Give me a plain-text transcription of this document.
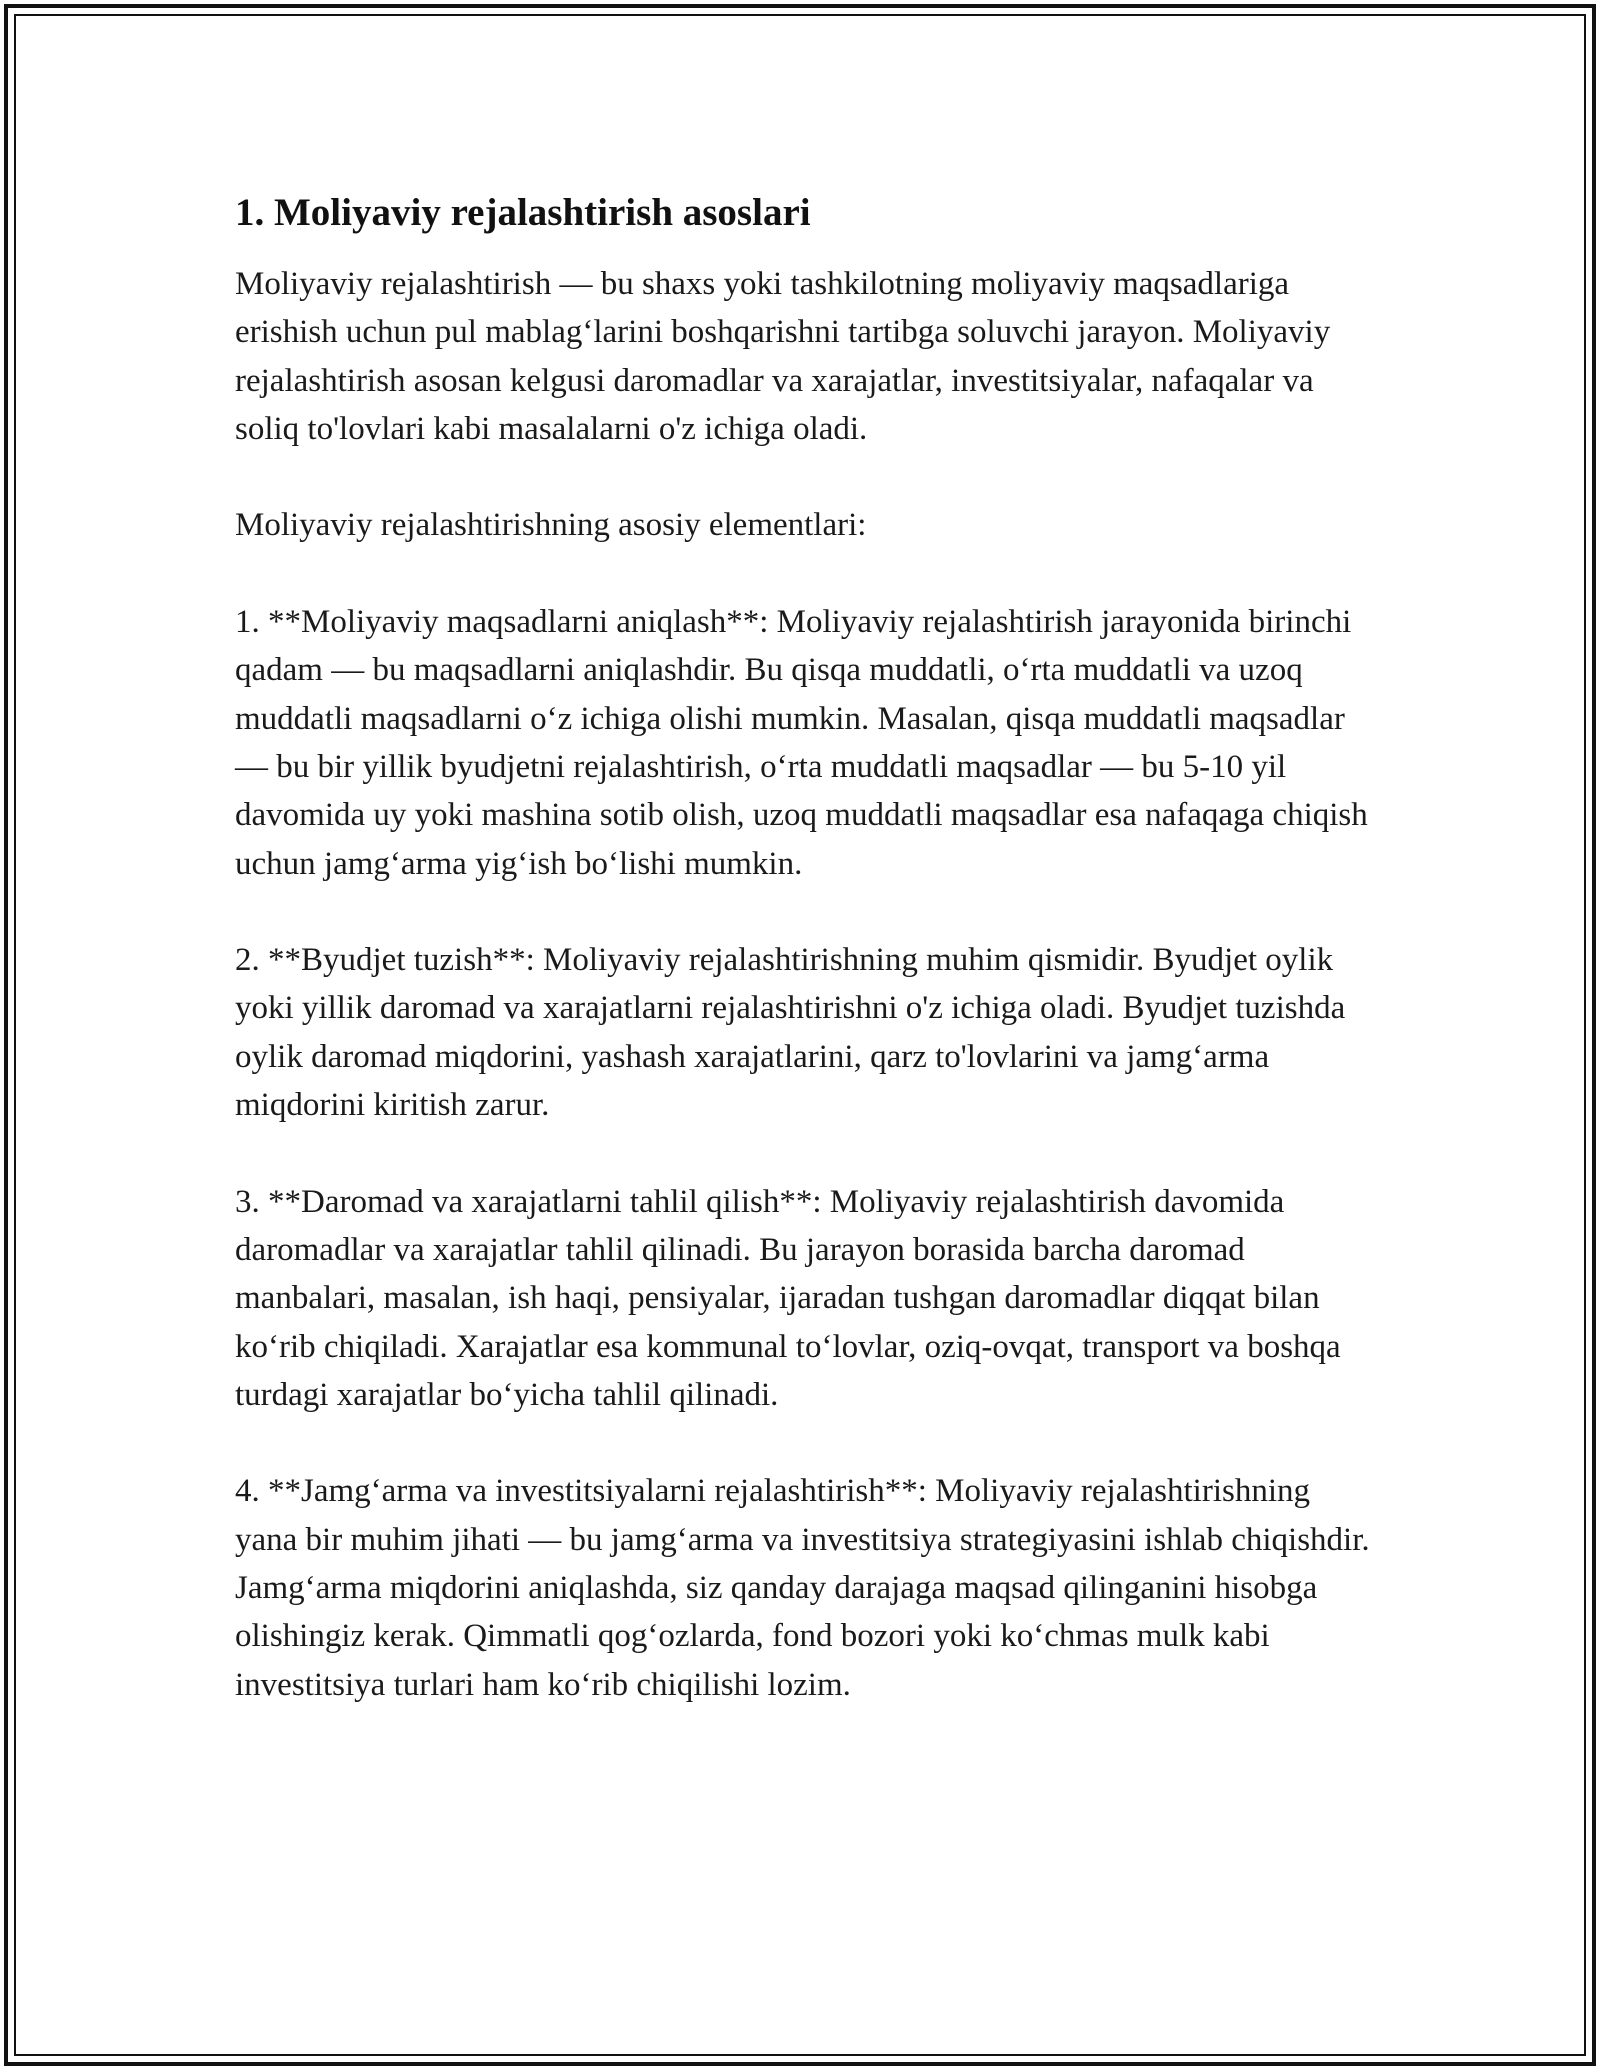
1. Moliyaviy rejalashtirish asoslari

Moliyaviy rejalashtirish — bu shaxs yoki tashkilotning moliyaviy maqsadlariga erishish uchun pul mablag‘larini boshqarishni tartibga soluvchi jarayon. Moliyaviy rejalashtirish asosan kelgusi daromadlar va xarajatlar, investitsiyalar, nafaqalar va soliq to'lovlari kabi masalalarni o'z ichiga oladi.

Moliyaviy rejalashtirishning asosiy elementlari:

1. **Moliyaviy maqsadlarni aniqlash**: Moliyaviy rejalashtirish jarayonida birinchi qadam — bu maqsadlarni aniqlashdir. Bu qisqa muddatli, o‘rta muddatli va uzoq muddatli maqsadlarni o‘z ichiga olishi mumkin. Masalan, qisqa muddatli maqsadlar — bu bir yillik byudjetni rejalashtirish, o‘rta muddatli maqsadlar — bu 5-10 yil davomida uy yoki mashina sotib olish, uzoq muddatli maqsadlar esa nafaqaga chiqish uchun jamg‘arma yig‘ish bo‘lishi mumkin.

2. **Byudjet tuzish**: Moliyaviy rejalashtirishning muhim qismidir. Byudjet oylik yoki yillik daromad va xarajatlarni rejalashtirishni o'z ichiga oladi. Byudjet tuzishda oylik daromad miqdorini, yashash xarajatlarini, qarz to'lovlarini va jamg‘arma miqdorini kiritish zarur.

3. **Daromad va xarajatlarni tahlil qilish**: Moliyaviy rejalashtirish davomida daromadlar va xarajatlar tahlil qilinadi. Bu jarayon borasida barcha daromad manbalari, masalan, ish haqi, pensiyalar, ijaradan tushgan daromadlar diqqat bilan ko‘rib chiqiladi. Xarajatlar esa kommunal to‘lovlar, oziq-ovqat, transport va boshqa turdagi xarajatlar bo‘yicha tahlil qilinadi.

4. **Jamg‘arma va investitsiyalarni rejalashtirish**: Moliyaviy rejalashtirishning yana bir muhim jihati — bu jamg‘arma va investitsiya strategiyasini ishlab chiqishdir. Jamg‘arma miqdorini aniqlashda, siz qanday darajaga maqsad qilinganini hisobga olishingiz kerak. Qimmatli qog‘ozlarda, fond bozori yoki ko‘chmas mulk kabi investitsiya turlari ham ko‘rib chiqilishi lozim.
